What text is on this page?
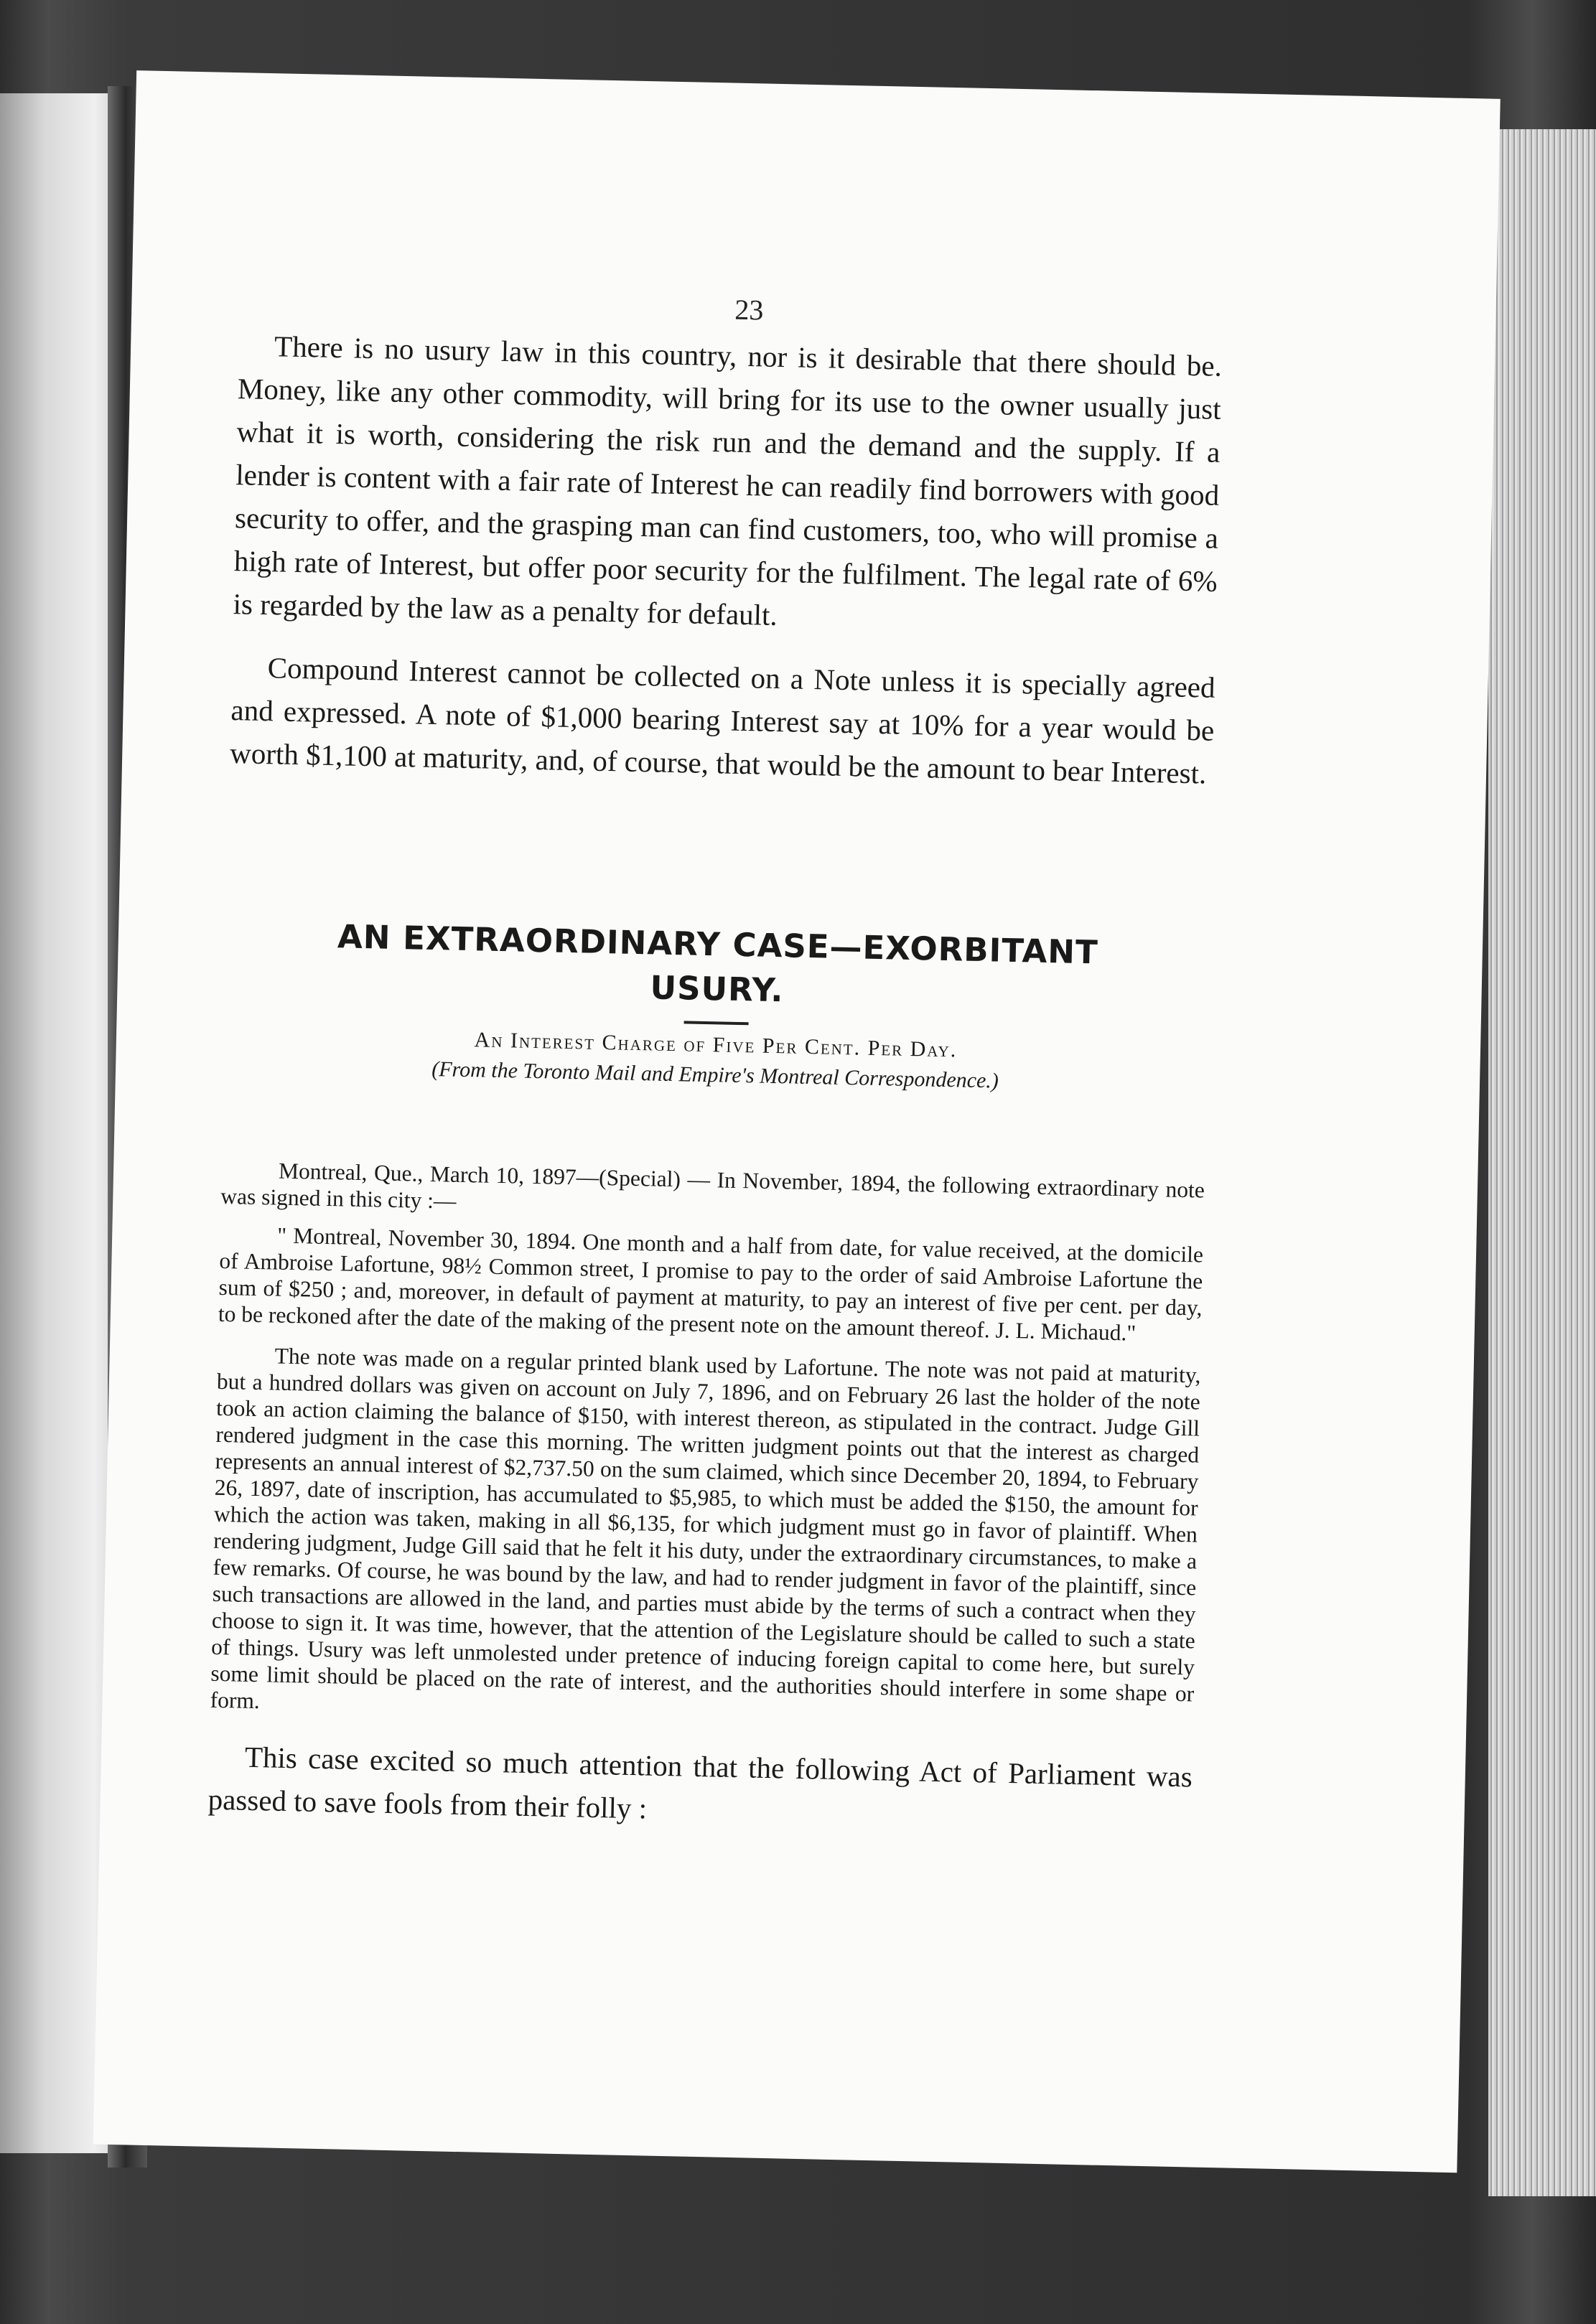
23

There is no usury law in this country, nor is it desirable that there should be. Money, like any other commodity, will bring for its use to the owner usually just what it is worth, considering the risk run and the demand and the supply. If a lender is content with a fair rate of Interest he can readily find borrowers with good security to offer, and the grasping man can find customers, too, who will promise a high rate of Interest, but offer poor security for the fulfilment. The legal rate of 6% is regarded by the law as a penalty for default.

Compound Interest cannot be collected on a Note unless it is specially agreed and expressed. A note of $1,000 bearing Interest say at 10% for a year would be worth $1,100 at maturity, and, of course, that would be the amount to bear Interest.

AN EXTRAORDINARY CASE—EXORBITANT

USURY.

An Interest Charge of Five Per Cent. Per Day.

(From the Toronto Mail and Empire's Montreal Correspondence.)

Montreal, Que., March 10, 1897—(Special) — In November, 1894, the following extraordinary note was signed in this city :—

" Montreal, November 30, 1894. One month and a half from date, for value received, at the domicile of Ambroise Lafortune, 98½ Common street, I promise to pay to the order of said Ambroise Lafortune the sum of $250 ; and, moreover, in default of payment at maturity, to pay an interest of five per cent. per day, to be reckoned after the date of the making of the present note on the amount thereof. J. L. Michaud."

The note was made on a regular printed blank used by Lafortune. The note was not paid at maturity, but a hundred dollars was given on account on July 7, 1896, and on February 26 last the holder of the note took an action claiming the balance of $150, with interest thereon, as stipulated in the contract. Judge Gill rendered judgment in the case this morning. The written judgment points out that the interest as charged represents an annual interest of $2,737.50 on the sum claimed, which since December 20, 1894, to February 26, 1897, date of inscription, has accumulated to $5,985, to which must be added the $150, the amount for which the action was taken, making in all $6,135, for which judgment must go in favor of plaintiff. When rendering judgment, Judge Gill said that he felt it his duty, under the extraordinary circumstances, to make a few remarks. Of course, he was bound by the law, and had to render judgment in favor of the plaintiff, since such transactions are allowed in the land, and parties must abide by the terms of such a contract when they choose to sign it. It was time, however, that the attention of the Legislature should be called to such a state of things. Usury was left unmolested under pretence of inducing foreign capital to come here, but surely some limit should be placed on the rate of interest, and the authorities should interfere in some shape or form.

This case excited so much attention that the following Act of Parliament was passed to save fools from their folly :
